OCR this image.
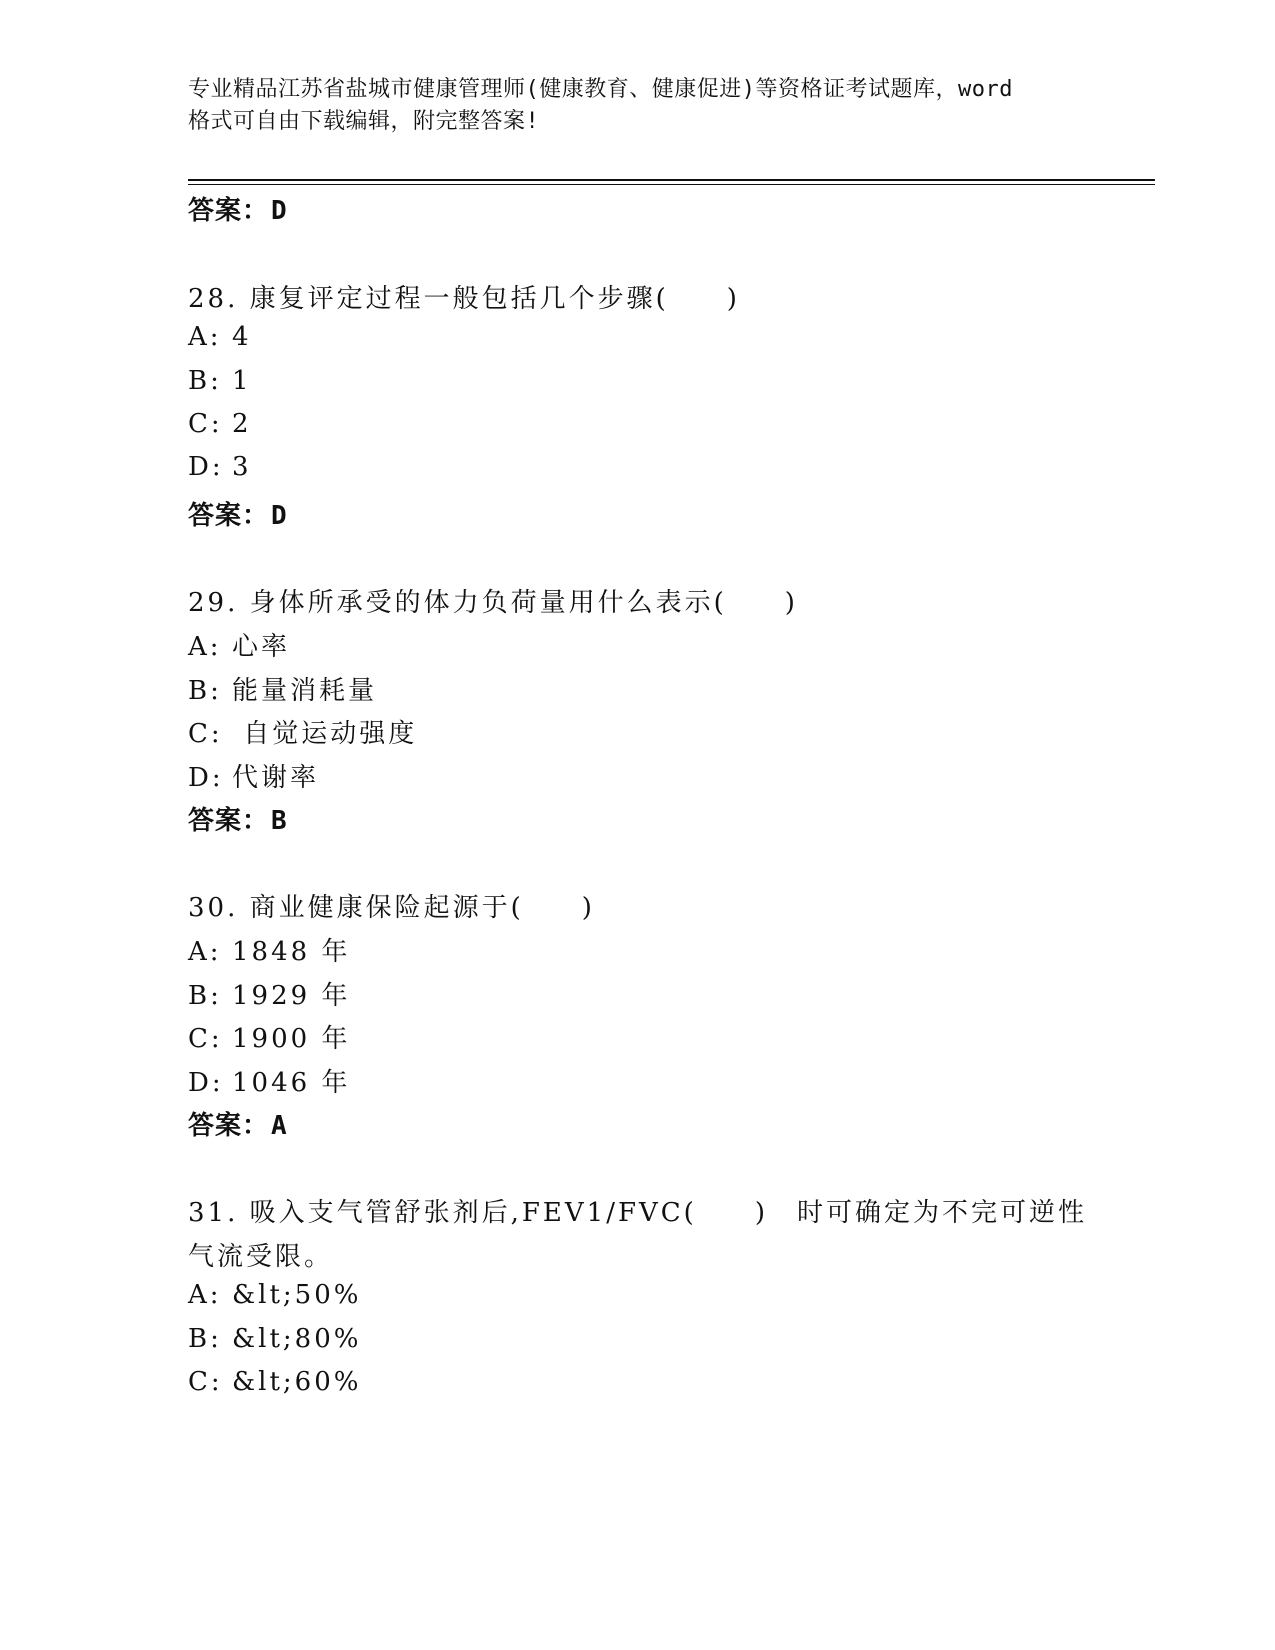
专业精品江苏省盐城市健康管理师(健康教育、健康促进)等资格证考试题库，word
格式可自由下载编辑，附完整答案!
答案：D
28. 康复评定过程一般包括几个步骤(　　)
A: 4
B: 1
C: 2
D: 3
答案：D
29. 身体所承受的体力负荷量用什么表示(　　)
A: 心率
B: 能量消耗量
C: 自觉运动强度
D: 代谢率
答案：B
30. 商业健康保险起源于(　　)
A: 1848 年
B: 1929 年
C: 1900 年
D: 1046 年
答案：A
31. 吸入支气管舒张剂后,FEV1/FVC(　　)　时可确定为不完可逆性
气流受限。
A: &lt;50%
B: &lt;80%
C: &lt;60%
